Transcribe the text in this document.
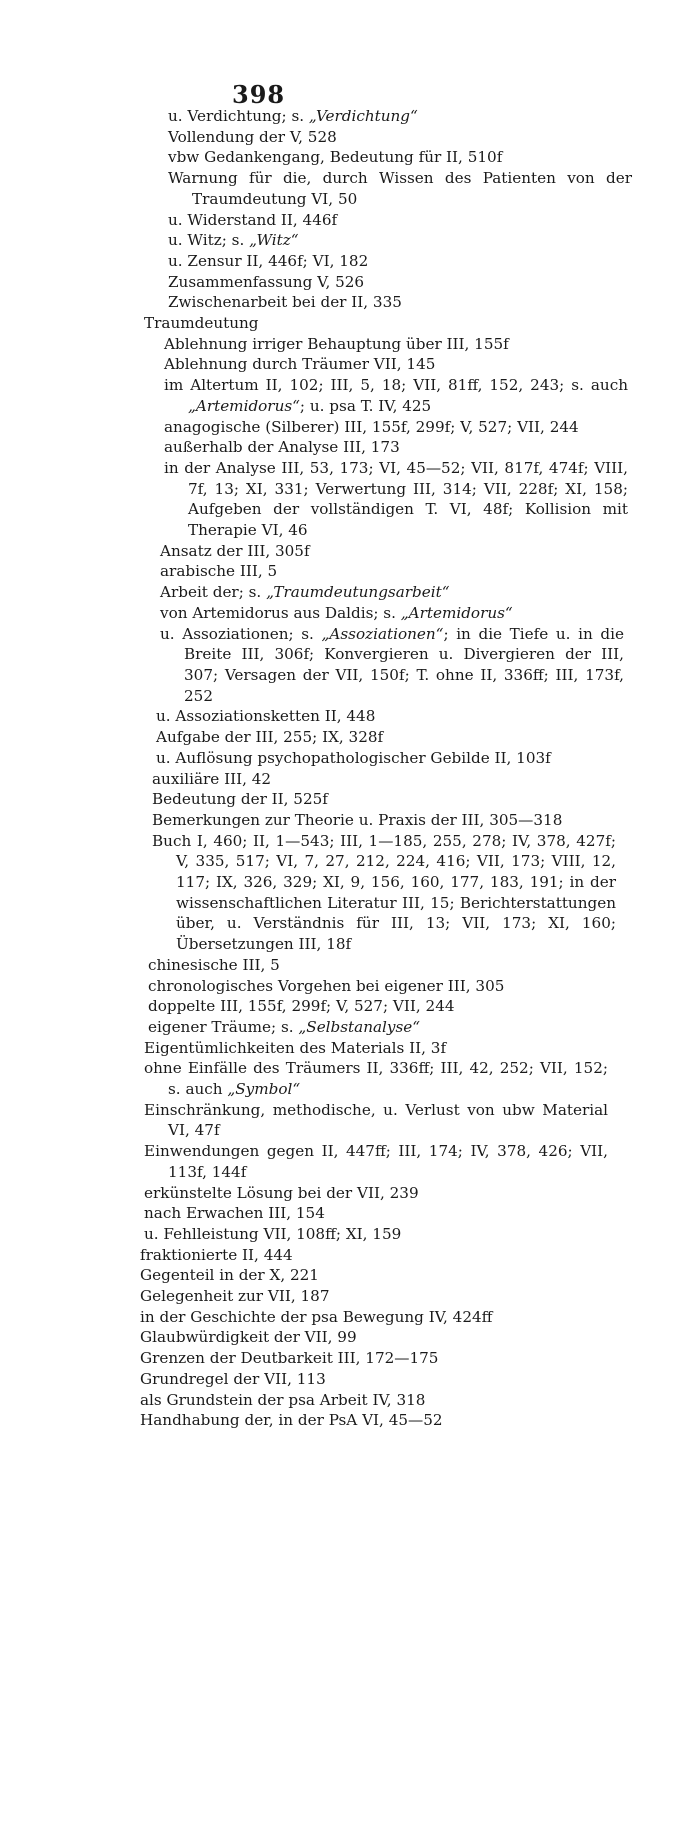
398
u. Verdichtung; s. „Verdichtung“
Vollendung der V, 528
vbw Gedankengang, Bedeutung für II, 510f
Warnung für die, durch Wissen des Patienten von der Traumdeutung VI, 50
u. Widerstand II, 446f
u. Witz; s. „Witz“
u. Zensur II, 446f; VI, 182
Zusammenfassung V, 526
Zwischenarbeit bei der II, 335
Traumdeutung
Ablehnung irriger Behauptung über III, 155f
Ablehnung durch Träumer VII, 145
im Altertum II, 102; III, 5, 18; VII, 81ff, 152, 243; s. auch „Artemidorus“; u. psa T. IV, 425
anagogische (Silberer) III, 155f, 299f; V, 527; VII, 244
außerhalb der Analyse III, 173
in der Analyse III, 53, 173; VI, 45—52; VII, 817f, 474f; VIII, 7f, 13; XI, 331; Verwertung III, 314; VII, 228f; XI, 158; Aufgeben der vollständigen T. VI, 48f; Kollision mit Therapie VI, 46
Ansatz der III, 305f
arabische III, 5
Arbeit der; s. „Traumdeutungsarbeit“
von Artemidorus aus Daldis; s. „Artemidorus“
u. Assoziationen; s. „Assoziationen“; in die Tiefe u. in die Breite III, 306f; Konvergieren u. Divergieren der III, 307; Versagen der VII, 150f; T. ohne II, 336ff; III, 173f, 252
u. Assoziationsketten II, 448
Aufgabe der III, 255; IX, 328f
u. Auflösung psychopathologischer Gebilde II, 103f
auxiliäre III, 42
Bedeutung der II, 525f
Bemerkungen zur Theorie u. Praxis der III, 305—318
Buch I, 460; II, 1—543; III, 1—185, 255, 278; IV, 378, 427f; V, 335, 517; VI, 7, 27, 212, 224, 416; VII, 173; VIII, 12, 117; IX, 326, 329; XI, 9, 156, 160, 177, 183, 191; in der wissenschaftlichen Literatur III, 15; Berichterstattungen über, u. Verständnis für III, 13; VII, 173; XI, 160; Übersetzungen III, 18f
chinesische III, 5
chronologisches Vorgehen bei eigener III, 305
doppelte III, 155f, 299f; V, 527; VII, 244
eigener Träume; s. „Selbstanalyse“
Eigentümlichkeiten des Materials II, 3f
ohne Einfälle des Träumers II, 336ff; III, 42, 252; VII, 152; s. auch „Symbol“
Einschränkung, methodische, u. Verlust von ubw Material VI, 47f
Einwendungen gegen II, 447ff; III, 174; IV, 378, 426; VII, 113f, 144f
erkünstelte Lösung bei der VII, 239
nach Erwachen III, 154
u. Fehlleistung VII, 108ff; XI, 159
fraktionierte II, 444
Gegenteil in der X, 221
Gelegenheit zur VII, 187
in der Geschichte der psa Bewegung IV, 424ff
Glaubwürdigkeit der VII, 99
Grenzen der Deutbarkeit III, 172—175
Grundregel der VII, 113
als Grundstein der psa Arbeit IV, 318
Handhabung der, in der PsA VI, 45—52
